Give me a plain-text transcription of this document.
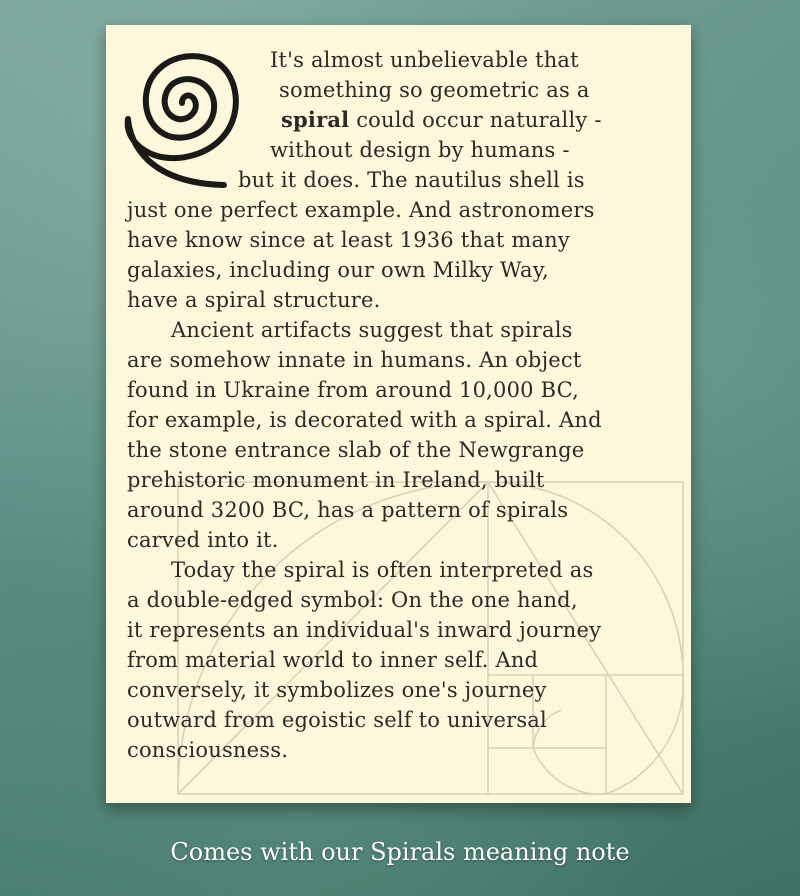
It's almost unbelievable that
something so geometric as a
spiral could occur naturally -
without design by humans -
but it does. The nautilus shell is
just one perfect example. And astronomers
have know since at least 1936 that many
galaxies, including our own Milky Way,
have a spiral structure.
Ancient artifacts suggest that spirals
are somehow innate in humans. An object
found in Ukraine from around 10,000 BC,
for example, is decorated with a spiral. And
the stone entrance slab of the Newgrange
prehistoric monument in Ireland, built
around 3200 BC, has a pattern of spirals
carved into it.
Today the spiral is often interpreted as
a double-edged symbol: On the one hand,
it represents an individual's inward journey
from material world to inner self. And
conversely, it symbolizes one's journey
outward from egoistic self to universal
consciousness.
Comes with our Spirals meaning note
